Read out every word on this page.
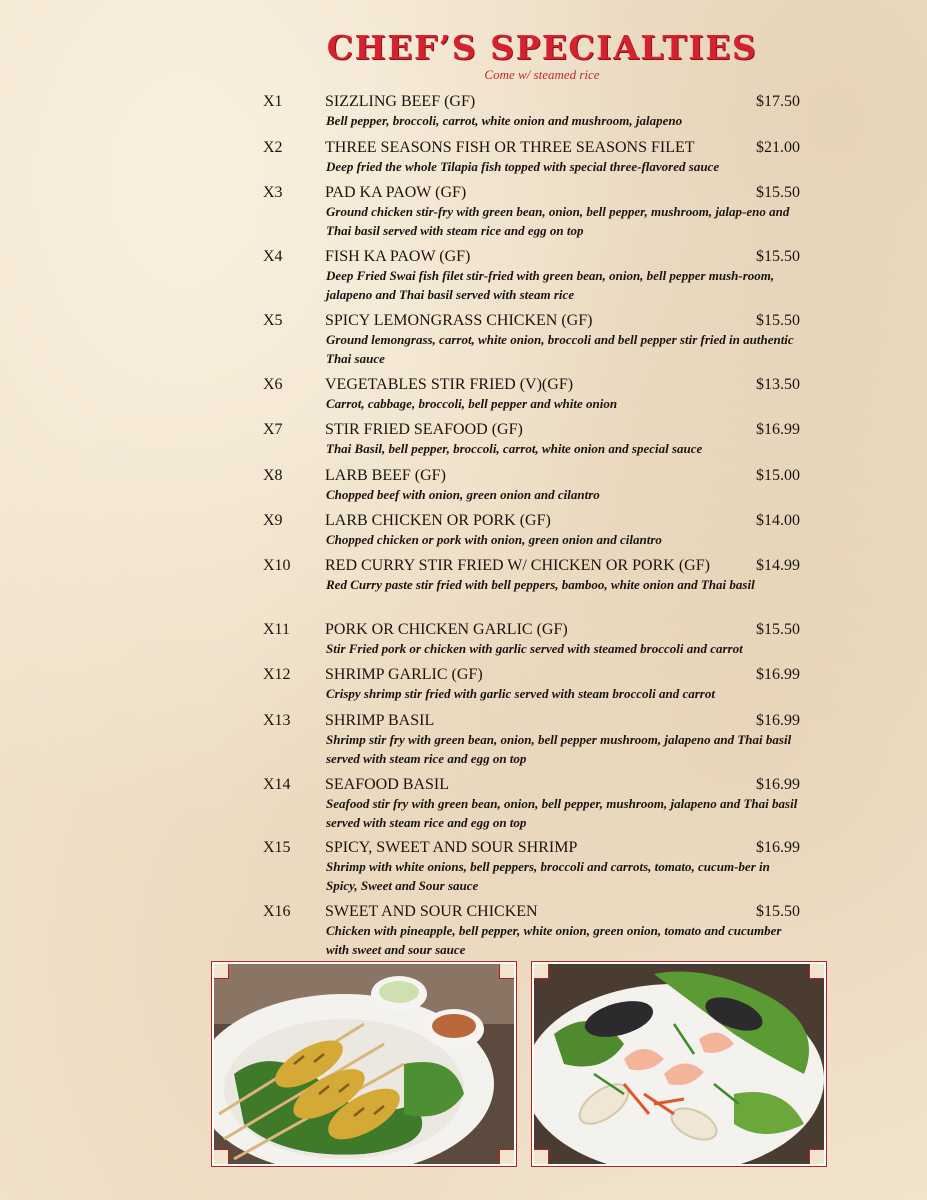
CHEF’S SPECIALTIES
Come w/ steamed rice
X1	SIZZLING BEEF (GF)	$17.50
Bell pepper, broccoli, carrot, white onion and mushroom, jalapeno
X2	THREE SEASONS FISH OR THREE SEASONS FILET	$21.00
Deep fried the whole Tilapia fish topped with special three-flavored sauce
X3	PAD KA PAOW (GF)	$15.50
Ground chicken stir-fry with green bean, onion, bell pepper, mushroom, jalap-eno and Thai basil served with steam rice and egg on top
X4	FISH KA PAOW (GF)	$15.50
Deep Fried Swai fish filet stir-fried with green bean, onion, bell pepper mush-room, jalapeno and Thai basil served with steam rice
X5	SPICY LEMONGRASS CHICKEN (GF)	$15.50
Ground lemongrass, carrot, white onion, broccoli and bell pepper stir fried in authentic Thai sauce
X6	VEGETABLES STIR FRIED (V)(GF)	$13.50
Carrot, cabbage, broccoli, bell pepper and white onion
X7	STIR FRIED SEAFOOD (GF)	$16.99
Thai Basil, bell pepper, broccoli, carrot, white onion and special sauce
X8	LARB BEEF (GF)	$15.00
Chopped beef with onion, green onion and cilantro
X9	LARB CHICKEN OR PORK (GF)	$14.00
Chopped chicken or pork with onion, green onion and cilantro
X10	RED CURRY STIR FRIED W/ CHICKEN OR PORK (GF)	$14.99
Red Curry paste stir fried with bell peppers, bamboo, white onion and Thai basil
X11	PORK OR CHICKEN GARLIC (GF)	$15.50
Stir Fried pork or chicken with garlic served with steamed broccoli and carrot
X12	SHRIMP GARLIC (GF)	$16.99
Crispy shrimp stir fried with garlic served with steam broccoli and carrot
X13	SHRIMP BASIL	$16.99
Shrimp stir fry with green bean, onion, bell pepper mushroom, jalapeno and Thai basil served with steam rice and egg on top
X14	SEAFOOD BASIL	$16.99
Seafood stir fry with green bean, onion, bell pepper, mushroom, jalapeno and Thai basil served with steam rice and egg on top
X15	SPICY, SWEET AND SOUR SHRIMP	$16.99
Shrimp with white onions, bell peppers, broccoli and carrots, tomato, cucum-ber in Spicy, Sweet and Sour sauce
X16	SWEET AND SOUR CHICKEN	$15.50
Chicken with pineapple, bell pepper, white onion, green onion, tomato and cucumber with sweet and sour sauce
